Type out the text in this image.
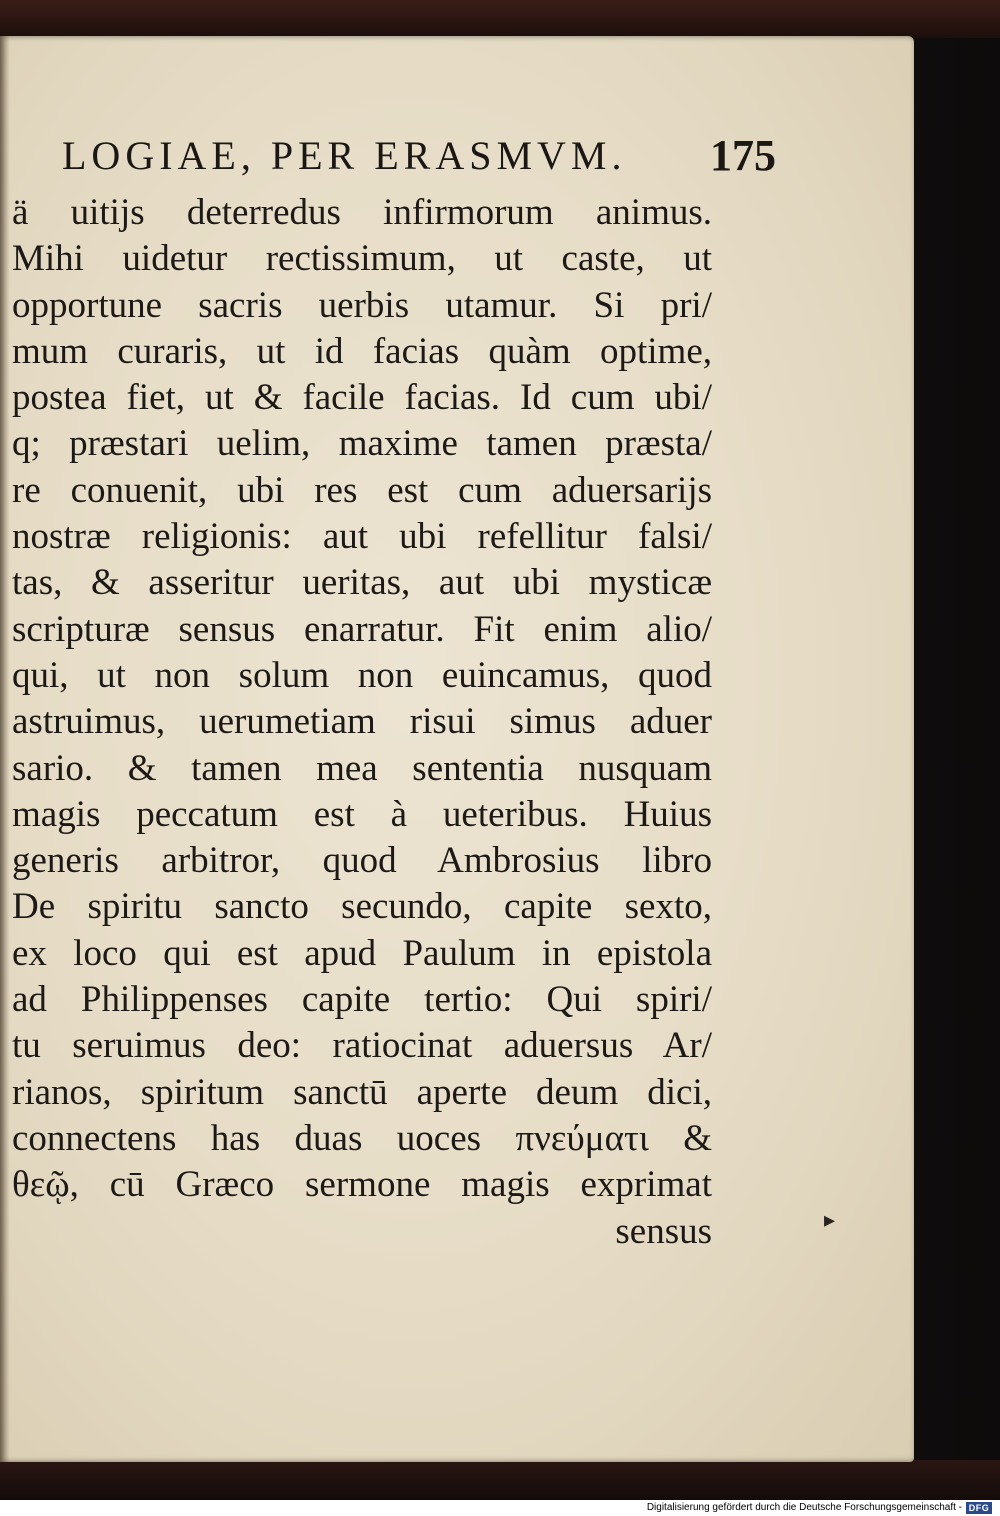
LOGIAE, PER ERASMVM.	175
ä uitijs deterredus infirmorum animus.
Mihi uidetur rectissimum, ut caste, ut
opportune sacris uerbis utamur. Si pri/
mum curaris, ut id facias quàm optime,
postea fiet, ut & facile facias. Id cum ubi/
q; præstari uelim, maxime tamen præsta/
re conuenit, ubi res est cum aduersarijs
nostræ religionis: aut ubi refellitur falsi/
tas, & asseritur ueritas, aut ubi mysticæ
scripturæ sensus enarratur. Fit enim alio/
qui, ut non solum non euincamus, quod
astruimus, uerumetiam risui simus aduer
sario. & tamen mea sententia nusquam
magis peccatum est à ueteribus. Huius
generis arbitror, quod Ambrosius libro
De spiritu sancto secundo, capite sexto,
ex loco qui est apud Paulum in epistola
ad Philippenses capite tertio: Qui spiri/
tu seruimus deo: ratiocinat aduersus Ar/
rianos, spiritum sanctū aperte deum dici,
connectens has duas uoces πνεύματι &
θεῷ, cū Græco sermone magis exprimat
sensus	▸
Digitalisierung gefördert durch die Deutsche Forschungsgemeinschaft - DFG
